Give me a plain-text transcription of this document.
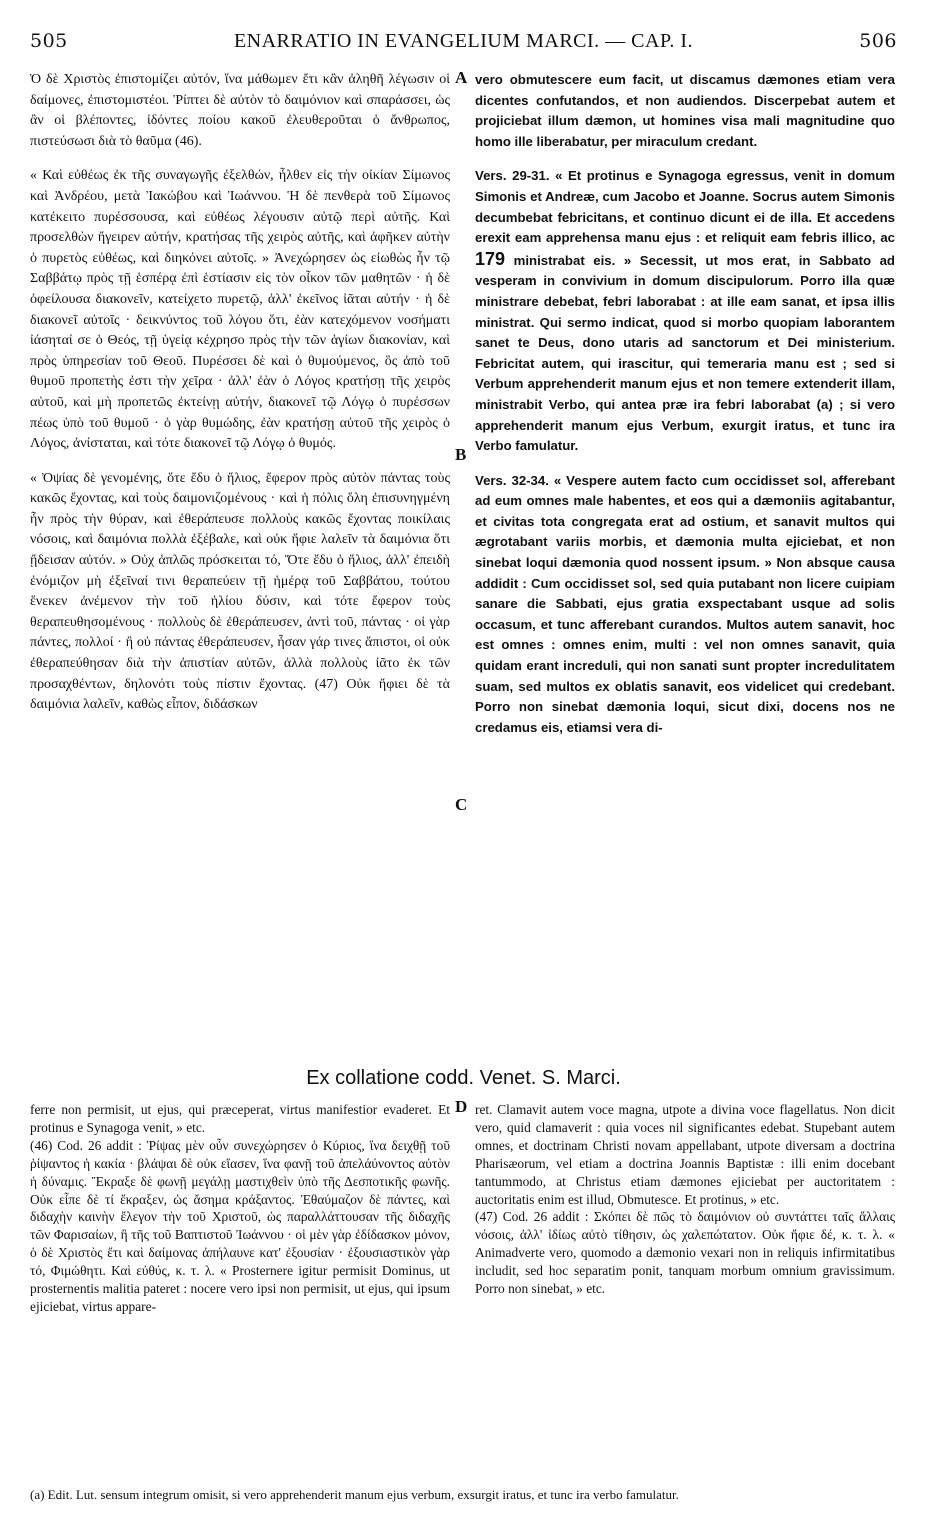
505	ENARRATIO IN EVANGELIUM MARCI. — CAP. I.	506

Ὁ δὲ Χριστὸς ἐπιστομίζει αὐτόν, ἵνα μάθωμεν ἔτι κἂν ἀληθῆ λέγωσιν οἱ δαίμονες, ἐπιστομιστέοι. Ῥίπτει δὲ αὐτὸν τὸ δαιμόνιον καὶ σπαράσσει, ὡς ἂν οἱ βλέποντες, ἰδόντες ποίου κακοῦ ἐλευθεροῦται ὁ ἄνθρωπος, πιστεύσωσι διὰ τὸ θαῦμα (46).

« Καὶ εὐθέως ἐκ τῆς συναγωγῆς ἐξελθών, ἦλθεν εἰς τὴν οἰκίαν Σίμωνος καὶ Ἀνδρέου, μετὰ Ἰακώβου καὶ Ἰωάννου. Ἡ δὲ πενθερὰ τοῦ Σίμωνος κατέκειτο πυρέσσουσα, καὶ εὐθέως λέγουσιν αὐτῷ περὶ αὐτῆς. Καὶ προσελθὼν ἤγειρεν αὐτήν, κρατήσας τῆς χειρὸς αὐτῆς, καὶ ἀφῆκεν αὐτὴν ὁ πυρετὸς εὐθέως, καὶ διηκόνει αὐτοῖς. » Ἀνεχώρησεν ὡς εἰωθὼς ἦν τῷ Σαββάτῳ πρὸς τῇ ἑσπέρᾳ ἐπὶ ἑστίασιν εἰς τὸν οἶκον τῶν μαθητῶν · ἡ δὲ ὀφείλουσα διακονεῖν, κατείχετο πυρετῷ, ἀλλ' ἐκεῖνος ἰᾶται αὐτήν · ἡ δὲ διακονεῖ αὐτοῖς · δεικνύντος τοῦ λόγου ὅτι, ἐὰν κατεχόμενον νοσήματι ἰάσηταί σε ὁ Θεός, τῇ ὑγείᾳ κέχρησο πρὸς τὴν τῶν ἁγίων διακονίαν, καὶ πρὸς ὑπηρεσίαν τοῦ Θεοῦ. Πυρέσσει δὲ καὶ ὁ θυμούμενος, ὃς ἀπὸ τοῦ θυμοῦ προπετὴς ἐστι τὴν χεῖρα · ἀλλ' ἐὰν ὁ Λόγος κρατήσῃ τῆς χειρὸς αὐτοῦ, καὶ μὴ προπετῶς ἐκτείνῃ αὐτήν, διακονεῖ τῷ Λόγῳ ὁ πυρέσσων πέως ὑπὸ τοῦ θυμοῦ · ὁ γὰρ θυμώδης, ἐὰν κρατήσῃ αὐτοῦ τῆς χειρὸς ὁ Λόγος, ἀνίσταται, καὶ τότε διακονεῖ τῷ Λόγῳ ὁ θυμός.

« Ὀψίας δὲ γενομένης, ὅτε ἔδυ ὁ ἥλιος, ἔφερον πρὸς αὐτὸν πάντας τοὺς κακῶς ἔχοντας, καὶ τοὺς δαιμονιζομένους · καὶ ἡ πόλις ὅλη ἐπισυνηγμένη ἦν πρὸς τὴν θύραν, καὶ ἐθεράπευσε πολλοὺς κακῶς ἔχοντας ποικίλαις νόσοις, καὶ δαιμόνια πολλὰ ἐξέβαλε, καὶ οὐκ ἤφιε λαλεῖν τὰ δαιμόνια ὅτι ᾔδεισαν αὐτόν. » Οὐχ ἁπλῶς πρόσκειται τό, Ὅτε ἔδυ ὁ ἥλιος, ἀλλ' ἐπειδὴ ἐνόμιζον μὴ ἐξεῖναί τινι θεραπεύειν τῇ ἡμέρᾳ τοῦ Σαββάτου, τούτου ἕνεκεν ἀνέμενον τὴν τοῦ ἡλίου δύσιν, καὶ τότε ἔφερον τοὺς θεραπευθησομένους · πολλοὺς δὲ ἐθεράπευσεν, ἀντὶ τοῦ, πάντας · οἱ γὰρ πάντες, πολλοί · ἢ οὐ πάντας ἐθεράπευσεν, ἦσαν γάρ τινες ἄπιστοι, οἱ οὐκ ἐθεραπεύθησαν διὰ τὴν ἀπιστίαν αὐτῶν, ἀλλὰ πολλοὺς ἰᾶτο ἐκ τῶν προσαχθέντων, δηλονότι τοὺς πίστιν ἔχοντας. (47) Οὐκ ἤφιει δὲ τὰ δαιμόνια λαλεῖν, καθὼς εἶπον, διδάσκων

vero obmutescere eum facit, ut discamus dæmones etiam vera dicentes confutandos, et non audiendos. Discerpebat autem et projiciebat illum dæmon, ut homines visa mali magnitudine quo homo ille liberabatur, per miraculum credant.

Vers. 29-31. « Et protinus e Synagoga egressus, venit in domum Simonis et Andreæ, cum Jacobo et Joanne. Socrus autem Simonis decumbebat febricitans, et continuo dicunt ei de illa. Et accedens erexit eam apprehensa manu ejus : et reliquit eam febris illico, ac 179 ministrabat eis. » Secessit, ut mos erat, in Sabbato ad vesperam in convivium in domum discipulorum. Porro illa quæ ministrare debebat, febri laborabat : at ille eam sanat, et ipsa illis ministrat. Qui sermo indicat, quod si morbo quopiam laborantem sanet te Deus, dono utaris ad sanctorum et Dei ministerium. Febricitat autem, qui irascitur, qui temeraria manu est ; sed si Verbum apprehenderit manum ejus et non temere extenderit illam, ministrabit Verbo, qui antea præ ira febri laborabat (a) ; si vero apprehenderit manum ejus Verbum, exurgit iratus, et tunc ira Verbo famulatur.

Vers. 32-34. « Vespere autem facto cum occidisset sol, afferebant ad eum omnes male habentes, et eos qui a dæmoniis agitabantur, et civitas tota congregata erat ad ostium, et sanavit multos qui ægrotabant variis morbis, et dæmonia multa ejiciebat, et non sinebat loqui dæmonia quod nossent ipsum. » Non absque causa addidit : Cum occidisset sol, sed quia putabant non licere cuipiam sanare die Sabbati, ejus gratia exspectabant usque ad solis occasum, et tunc afferebant curandos. Multos autem sanavit, hoc est omnes : omnes enim, multi : vel non omnes sanavit, quia quidam erant increduli, qui non sanati sunt propter incredulitatem suam, sed multos ex oblatis sanavit, eos videlicet qui credebant. Porro non sinebat dæmonia loqui, sicut dixi, docens nos ne credamus eis, etiamsi vera di-

A
B
C
D
Ex collatione codd. Venet. S. Marci.

ferre non permisit, ut ejus, qui præceperat, virtus manifestior evaderet. Et protinus e Synagoga venit, » etc.

(46) Cod. 26 addit : Ῥίψας μὲν οὖν συνεχώρησεν ὁ Κύριος, ἵνα δειχθῇ τοῦ ῥίψαντος ἡ κακία · βλάψαι δὲ οὐκ εἴασεν, ἵνα φανῇ τοῦ ἀπελάύνοντος αὐτὸν ἡ δύναμις. Ἔκραξε δὲ φωνῇ μεγάλῃ μαστιχθεὶν ὑπὸ τῆς Δεσποτικῆς φωνῆς. Οὐκ εἶπε δὲ τί ἔκραξεν, ὡς ἄσημα κράξαντος. Ἐθαύμαζον δὲ πάντες, καὶ διδαχὴν καινὴν ἔλεγον τὴν τοῦ Χριστοῦ, ὡς παραλλάττουσαν τῆς διδαχῆς τῶν Φαρισαίων, ἢ τῆς τοῦ Βαπτιστοῦ Ἰωάννου · οἱ μὲν γὰρ ἐδίδασκον μόνον, ὁ δὲ Χριστὸς ἔτι καὶ δαίμονας ἀπήλαυνε κατ' ἐξουσίαν · ἐξουσιαστικὸν γὰρ τό, Φιμώθητι. Καὶ εὐθύς, κ. τ. λ. « Prosternere igitur permisit Dominus, ut prosternentis malitia pateret : nocere vero ipsi non permisit, ut ejus, qui ipsum ejiciebat, virtus appare-

ret. Clamavit autem voce magna, utpote a divina voce flagellatus. Non dicit vero, quid clamaverit : quia voces nil significantes edebat. Stupebant autem omnes, et doctrinam Christi novam appellabant, utpote diversam a doctrina Pharisæorum, vel etiam a doctrina Joannis Baptistæ : illi enim docebant tantummodo, at Christus etiam dæmones ejiciebat per auctoritatem : auctoritatis enim est illud, Obmutesce. Et protinus, » etc.

(47) Cod. 26 addit : Σκόπει δὲ πῶς τὸ δαιμόνιον οὐ συντάττει ταῖς ἄλλαις νόσοις, ἀλλ' ἰδίως αὐτὸ τίθησιν, ὡς χαλεπώτατον. Οὐκ ἤφιε δέ, κ. τ. λ. « Animadverte vero, quomodo a dæmonio vexari non in reliquis infirmitatibus includit, sed hoc separatim ponit, tanquam morbum omnium gravissimum. Porro non sinebat, » etc.

(a) Edit. Lut. sensum integrum omisit, si vero apprehenderit manum ejus verbum, exsurgit iratus, et tunc ira verbo famulatur.
